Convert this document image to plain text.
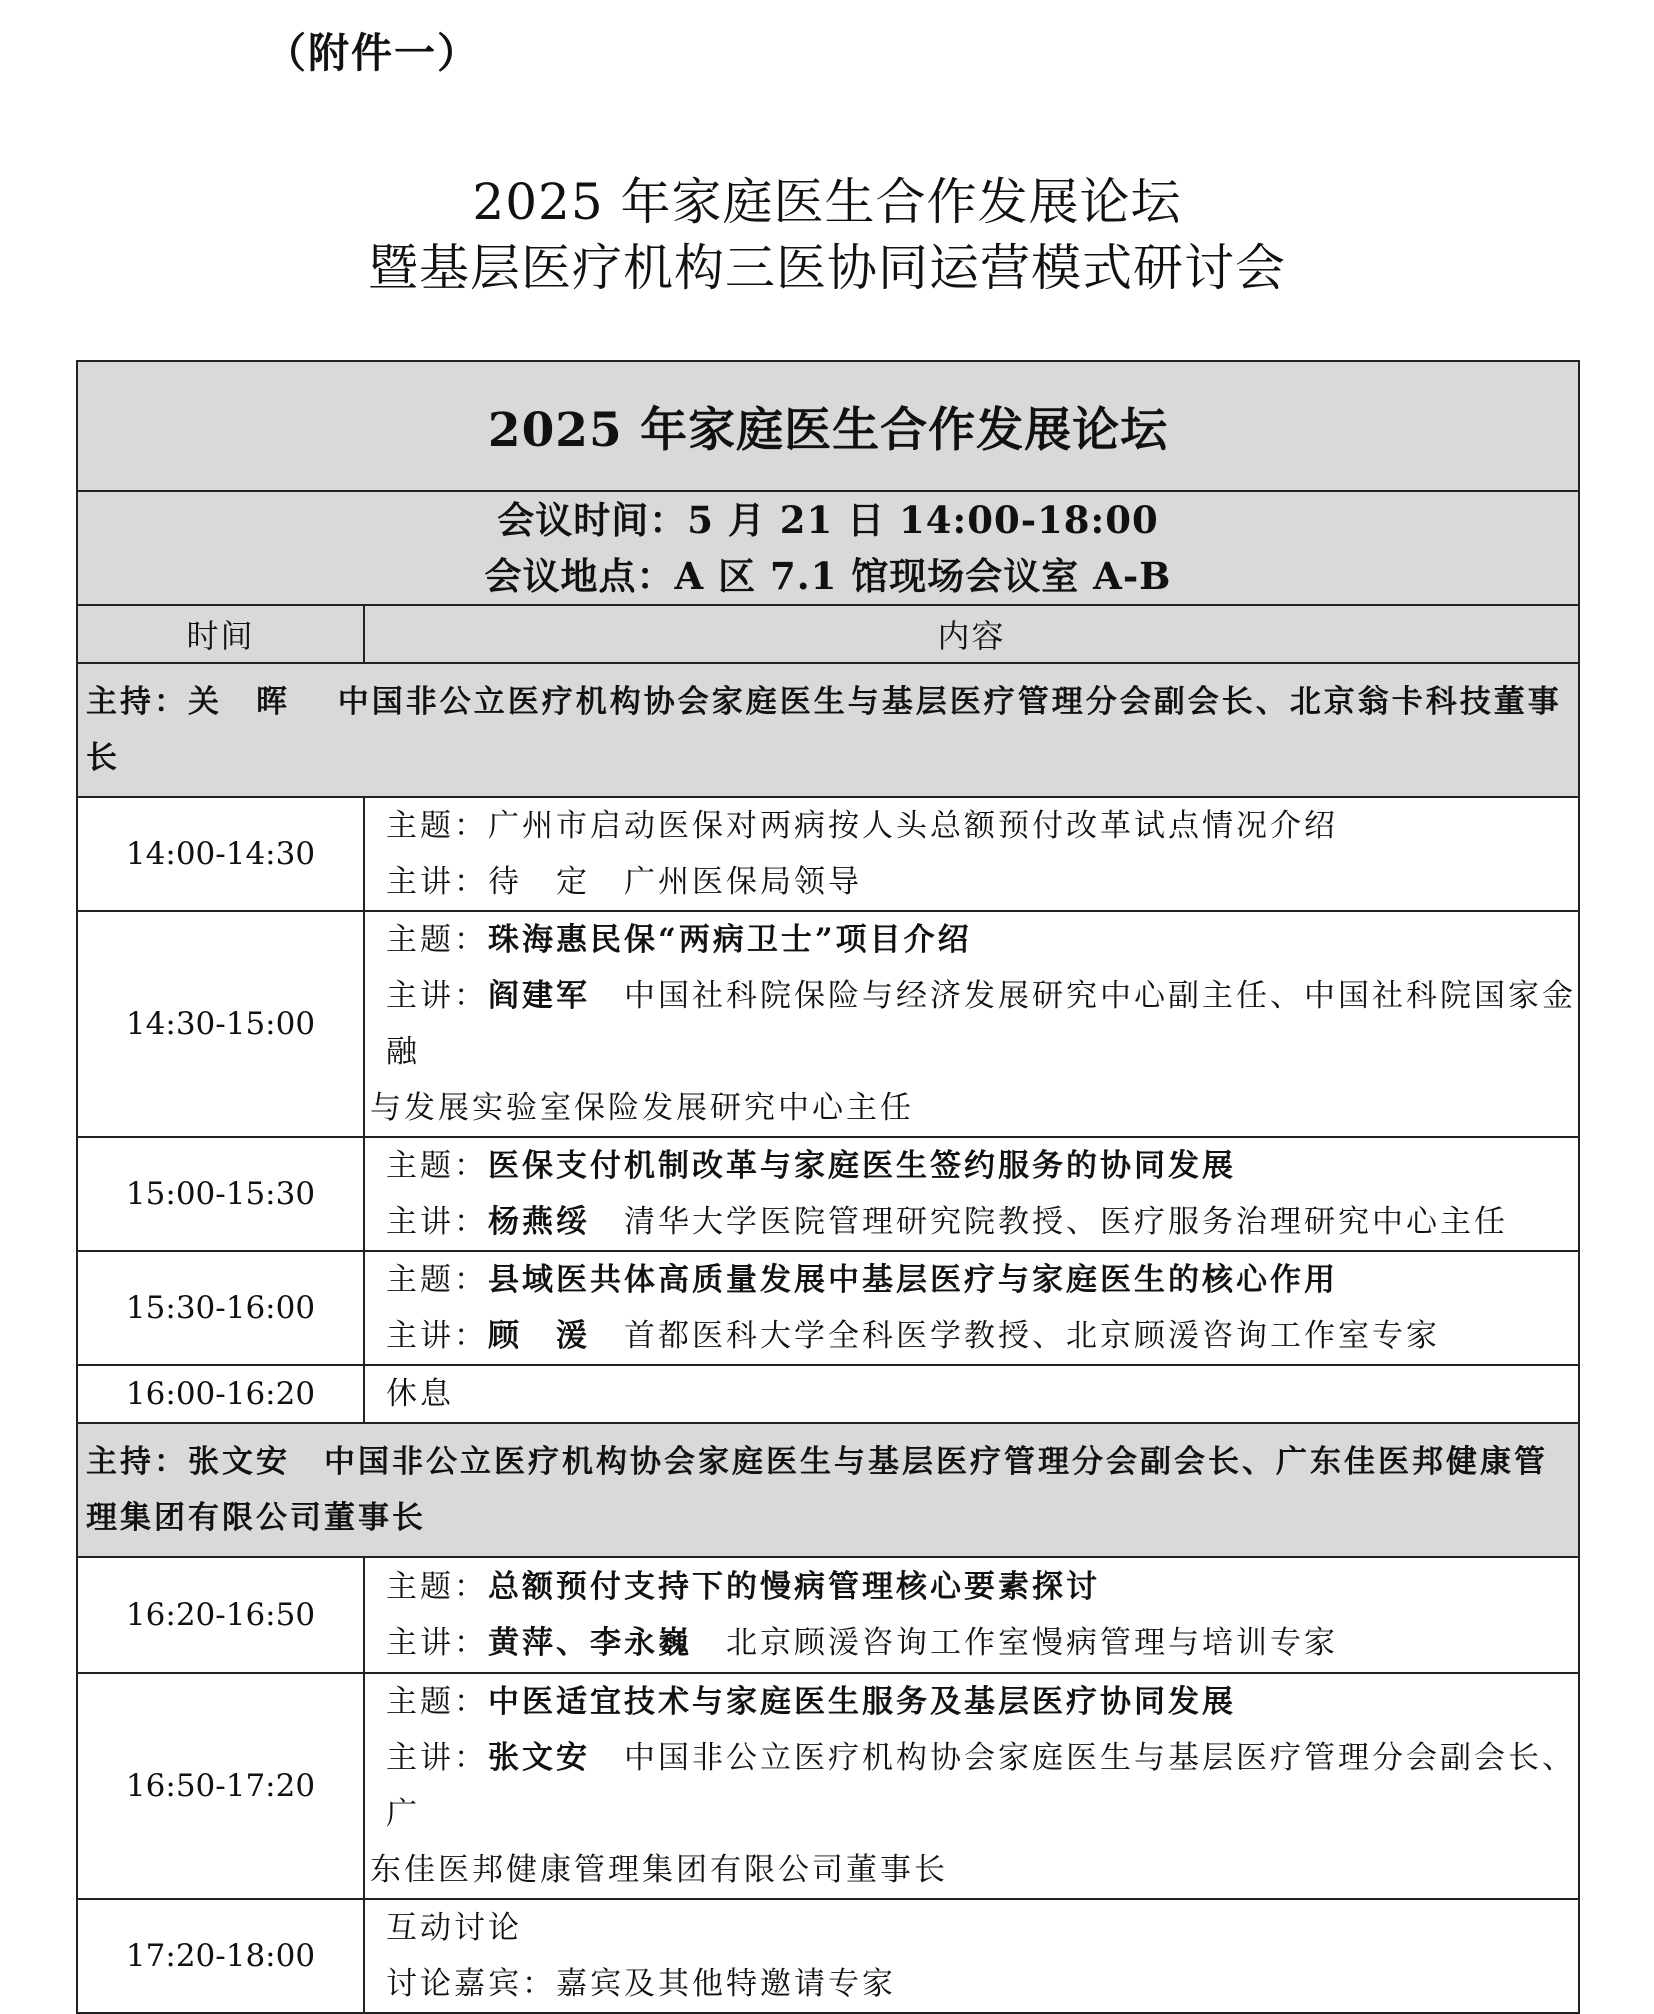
（附件一）

2025 年家庭医生合作发展论坛
暨基层医疗机构三医协同运营模式研讨会
2025 年家庭医生合作发展论坛	

会议时间：5 月 21 日 14:00-18:00
会议地点：A 区 7.1 馆现场会议室 A-B	

时间	内容
主持：关　晖　 中国非公立医疗机构协会家庭医生与基层医疗管理分会副会长、北京翁卡科技董事长	
14:00-14:30	主题：广州市启动医保对两病按人头总额预付改革试点情况介绍
主讲：待　定 广州医保局领导

14:30-15:00	主题：珠海惠民保“两病卫士”项目介绍
主讲：阎建军 中国社科院保险与经济发展研究中心副主任、中国社科院国家金融
与发展实验室保险发展研究中心主任

15:00-15:30	主题：医保支付机制改革与家庭医生签约服务的协同发展
主讲：杨燕绥 清华大学医院管理研究院教授、医疗服务治理研究中心主任

15:30-16:00	主题：县域医共体高质量发展中基层医疗与家庭医生的核心作用
主讲：顾　湲 首都医科大学全科医学教授、北京顾湲咨询工作室专家

16:00-16:20	休息

主持：张文安　中国非公立医疗机构协会家庭医生与基层医疗管理分会副会长、广东佳医邦健康管理集团有限公司董事长	
16:20-16:50	主题：总额预付支持下的慢病管理核心要素探讨
主讲：黄萍、李永巍 北京顾湲咨询工作室慢病管理与培训专家

16:50-17:20	主题：中医适宜技术与家庭医生服务及基层医疗协同发展
主讲：张文安 中国非公立医疗机构协会家庭医生与基层医疗管理分会副会长、广
东佳医邦健康管理集团有限公司董事长

17:20-18:00	互动讨论
讨论嘉宾：嘉宾及其他特邀请专家
